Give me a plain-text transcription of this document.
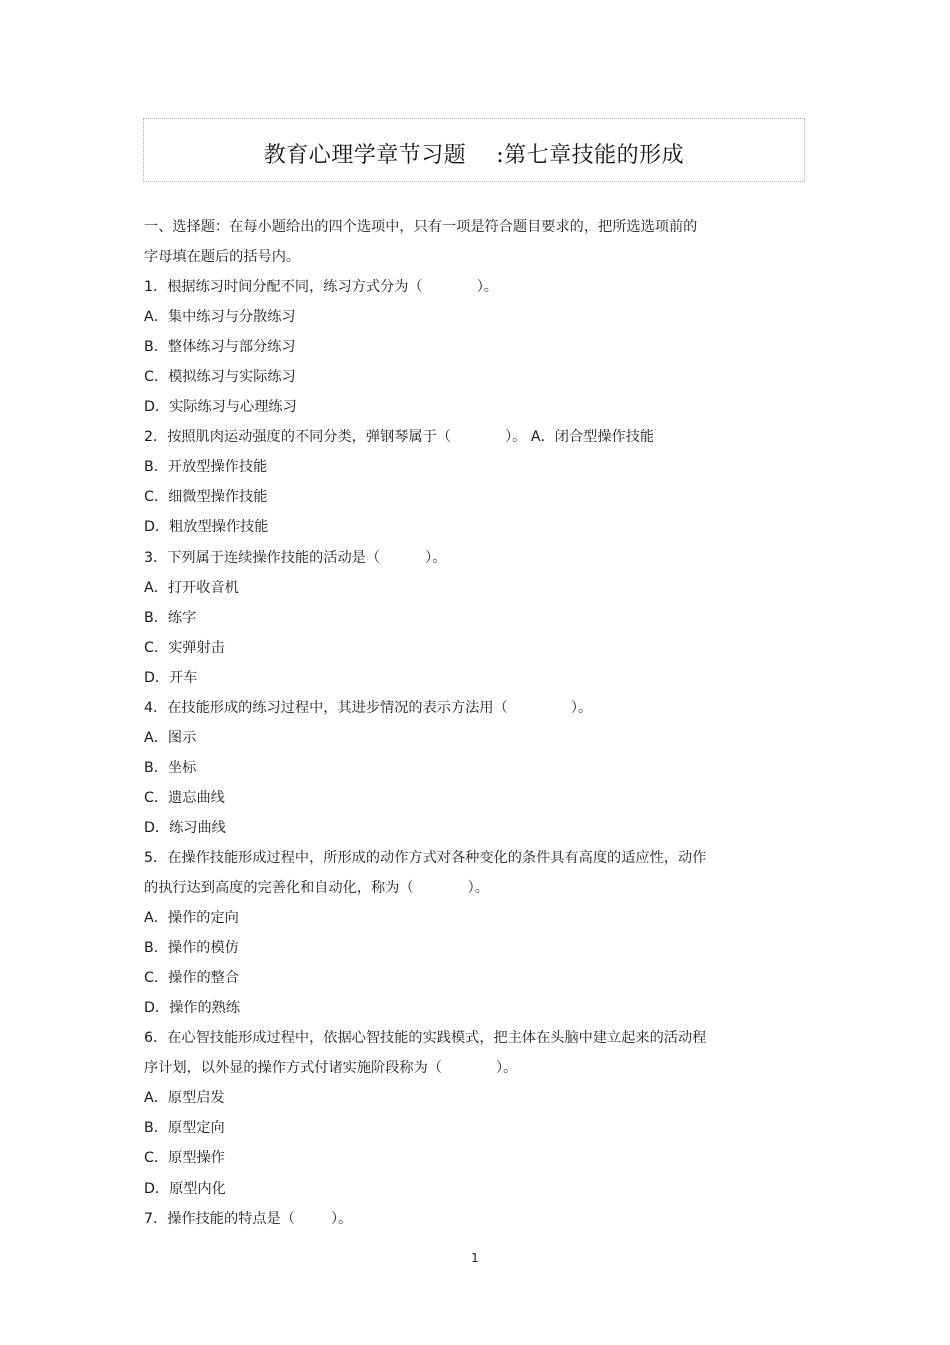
教育心理学章节习题    :第七章技能的形成
一、选择题：在每小题给出的四个选项中，只有一项是符合题目要求的，把所选选项前的
字母填在题后的括号内。
1．根据练习时间分配不同，练习方式分为（            ）。
A．集中练习与分散练习
B．整体练习与部分练习
C．模拟练习与实际练习
D．实际练习与心理练习
2．按照肌肉运动强度的不同分类，弹钢琴属于（            ）。 A．闭合型操作技能
B．开放型操作技能
C．细微型操作技能
D．粗放型操作技能
3．下列属于连续操作技能的活动是（          ）。
A．打开收音机
B．练字
C．实弹射击
D．开车
4．在技能形成的练习过程中，其进步情况的表示方法用（              ）。
A．图示
B．坐标
C．遗忘曲线
D．练习曲线
5．在操作技能形成过程中，所形成的动作方式对各种变化的条件具有高度的适应性，动作
的执行达到高度的完善化和自动化，称为（            ）。
A．操作的定向
B．操作的模仿
C．操作的整合
D．操作的熟练
6．在心智技能形成过程中，依据心智技能的实践模式，把主体在头脑中建立起来的活动程
序计划，以外显的操作方式付诸实施阶段称为（            ）。
A．原型启发
B．原型定向
C．原型操作
D．原型内化
7．操作技能的特点是（        ）。
1
